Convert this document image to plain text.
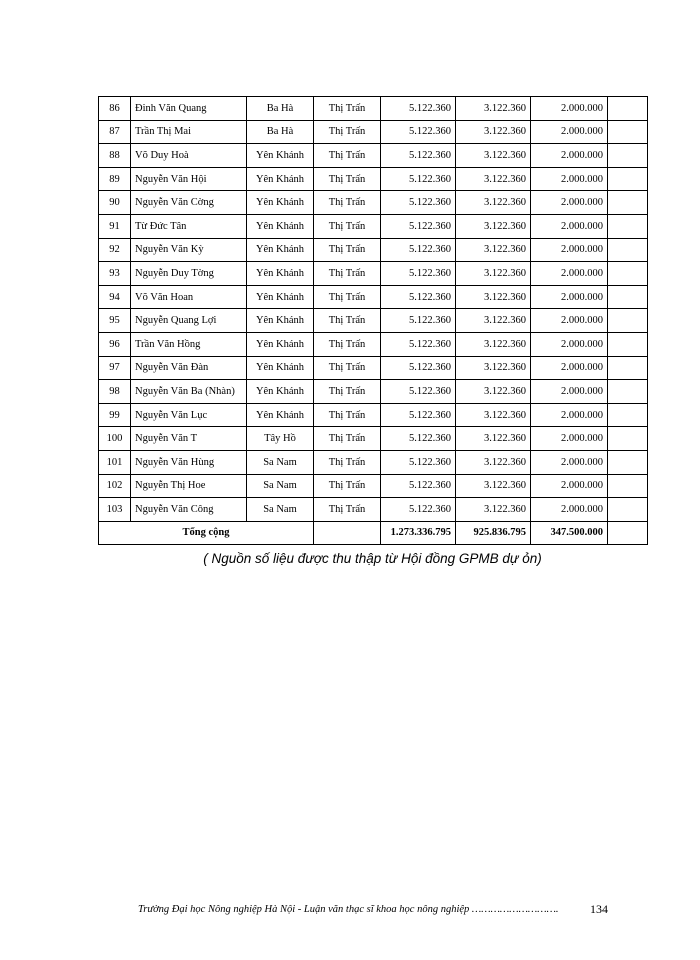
86	Đinh Văn Quang	Ba Hà	Thị Trấn	5.122.360	3.122.360	2.000.000	
87	Trần Thị Mai	Ba Hà	Thị Trấn	5.122.360	3.122.360	2.000.000	
88	Võ Duy Hoà	Yên Khánh	Thị Trấn	5.122.360	3.122.360	2.000.000	
89	Nguyễn Văn Hội	Yên Khánh	Thị Trấn	5.122.360	3.122.360	2.000.000	
90	Nguyễn Văn Cờng	Yên Khánh	Thị Trấn	5.122.360	3.122.360	2.000.000	
91	Từ Đức Tân	Yên Khánh	Thị Trấn	5.122.360	3.122.360	2.000.000	
92	Nguyễn Văn Kỳ	Yên Khánh	Thị Trấn	5.122.360	3.122.360	2.000.000	
93	Nguyễn Duy Tờng	Yên Khánh	Thị Trấn	5.122.360	3.122.360	2.000.000	
94	Võ Văn Hoan	Yên Khánh	Thị Trấn	5.122.360	3.122.360	2.000.000	
95	Nguyễn Quang Lợi	Yên Khánh	Thị Trấn	5.122.360	3.122.360	2.000.000	
96	Trần Văn Hồng	Yên Khánh	Thị Trấn	5.122.360	3.122.360	2.000.000	
97	Nguyễn Văn Đàn	Yên Khánh	Thị Trấn	5.122.360	3.122.360	2.000.000	
98	Nguyễn Văn Ba (Nhàn)	Yên Khánh	Thị Trấn	5.122.360	3.122.360	2.000.000	
99	Nguyễn Văn Lục	Yên Khánh	Thị Trấn	5.122.360	3.122.360	2.000.000	
100	Nguyễn Văn T	Tây Hồ	Thị Trấn	5.122.360	3.122.360	2.000.000	
101	Nguyễn Văn Hùng	Sa Nam	Thị Trấn	5.122.360	3.122.360	2.000.000	
102	Nguyễn Thị Hoe	Sa Nam	Thị Trấn	5.122.360	3.122.360	2.000.000	
103	Nguyễn Văn Công	Sa Nam	Thị Trấn	5.122.360	3.122.360	2.000.000	
Tổng cộng				1.273.336.795	925.836.795	347.500.000	
( Nguồn số liệu được thu thập từ Hội đồng GPMB dự ỏn)
Trường Đại học Nông nghiệp Hà Nội - Luận văn thạc sĩ khoa học nông nghiệp ……………………….	134
